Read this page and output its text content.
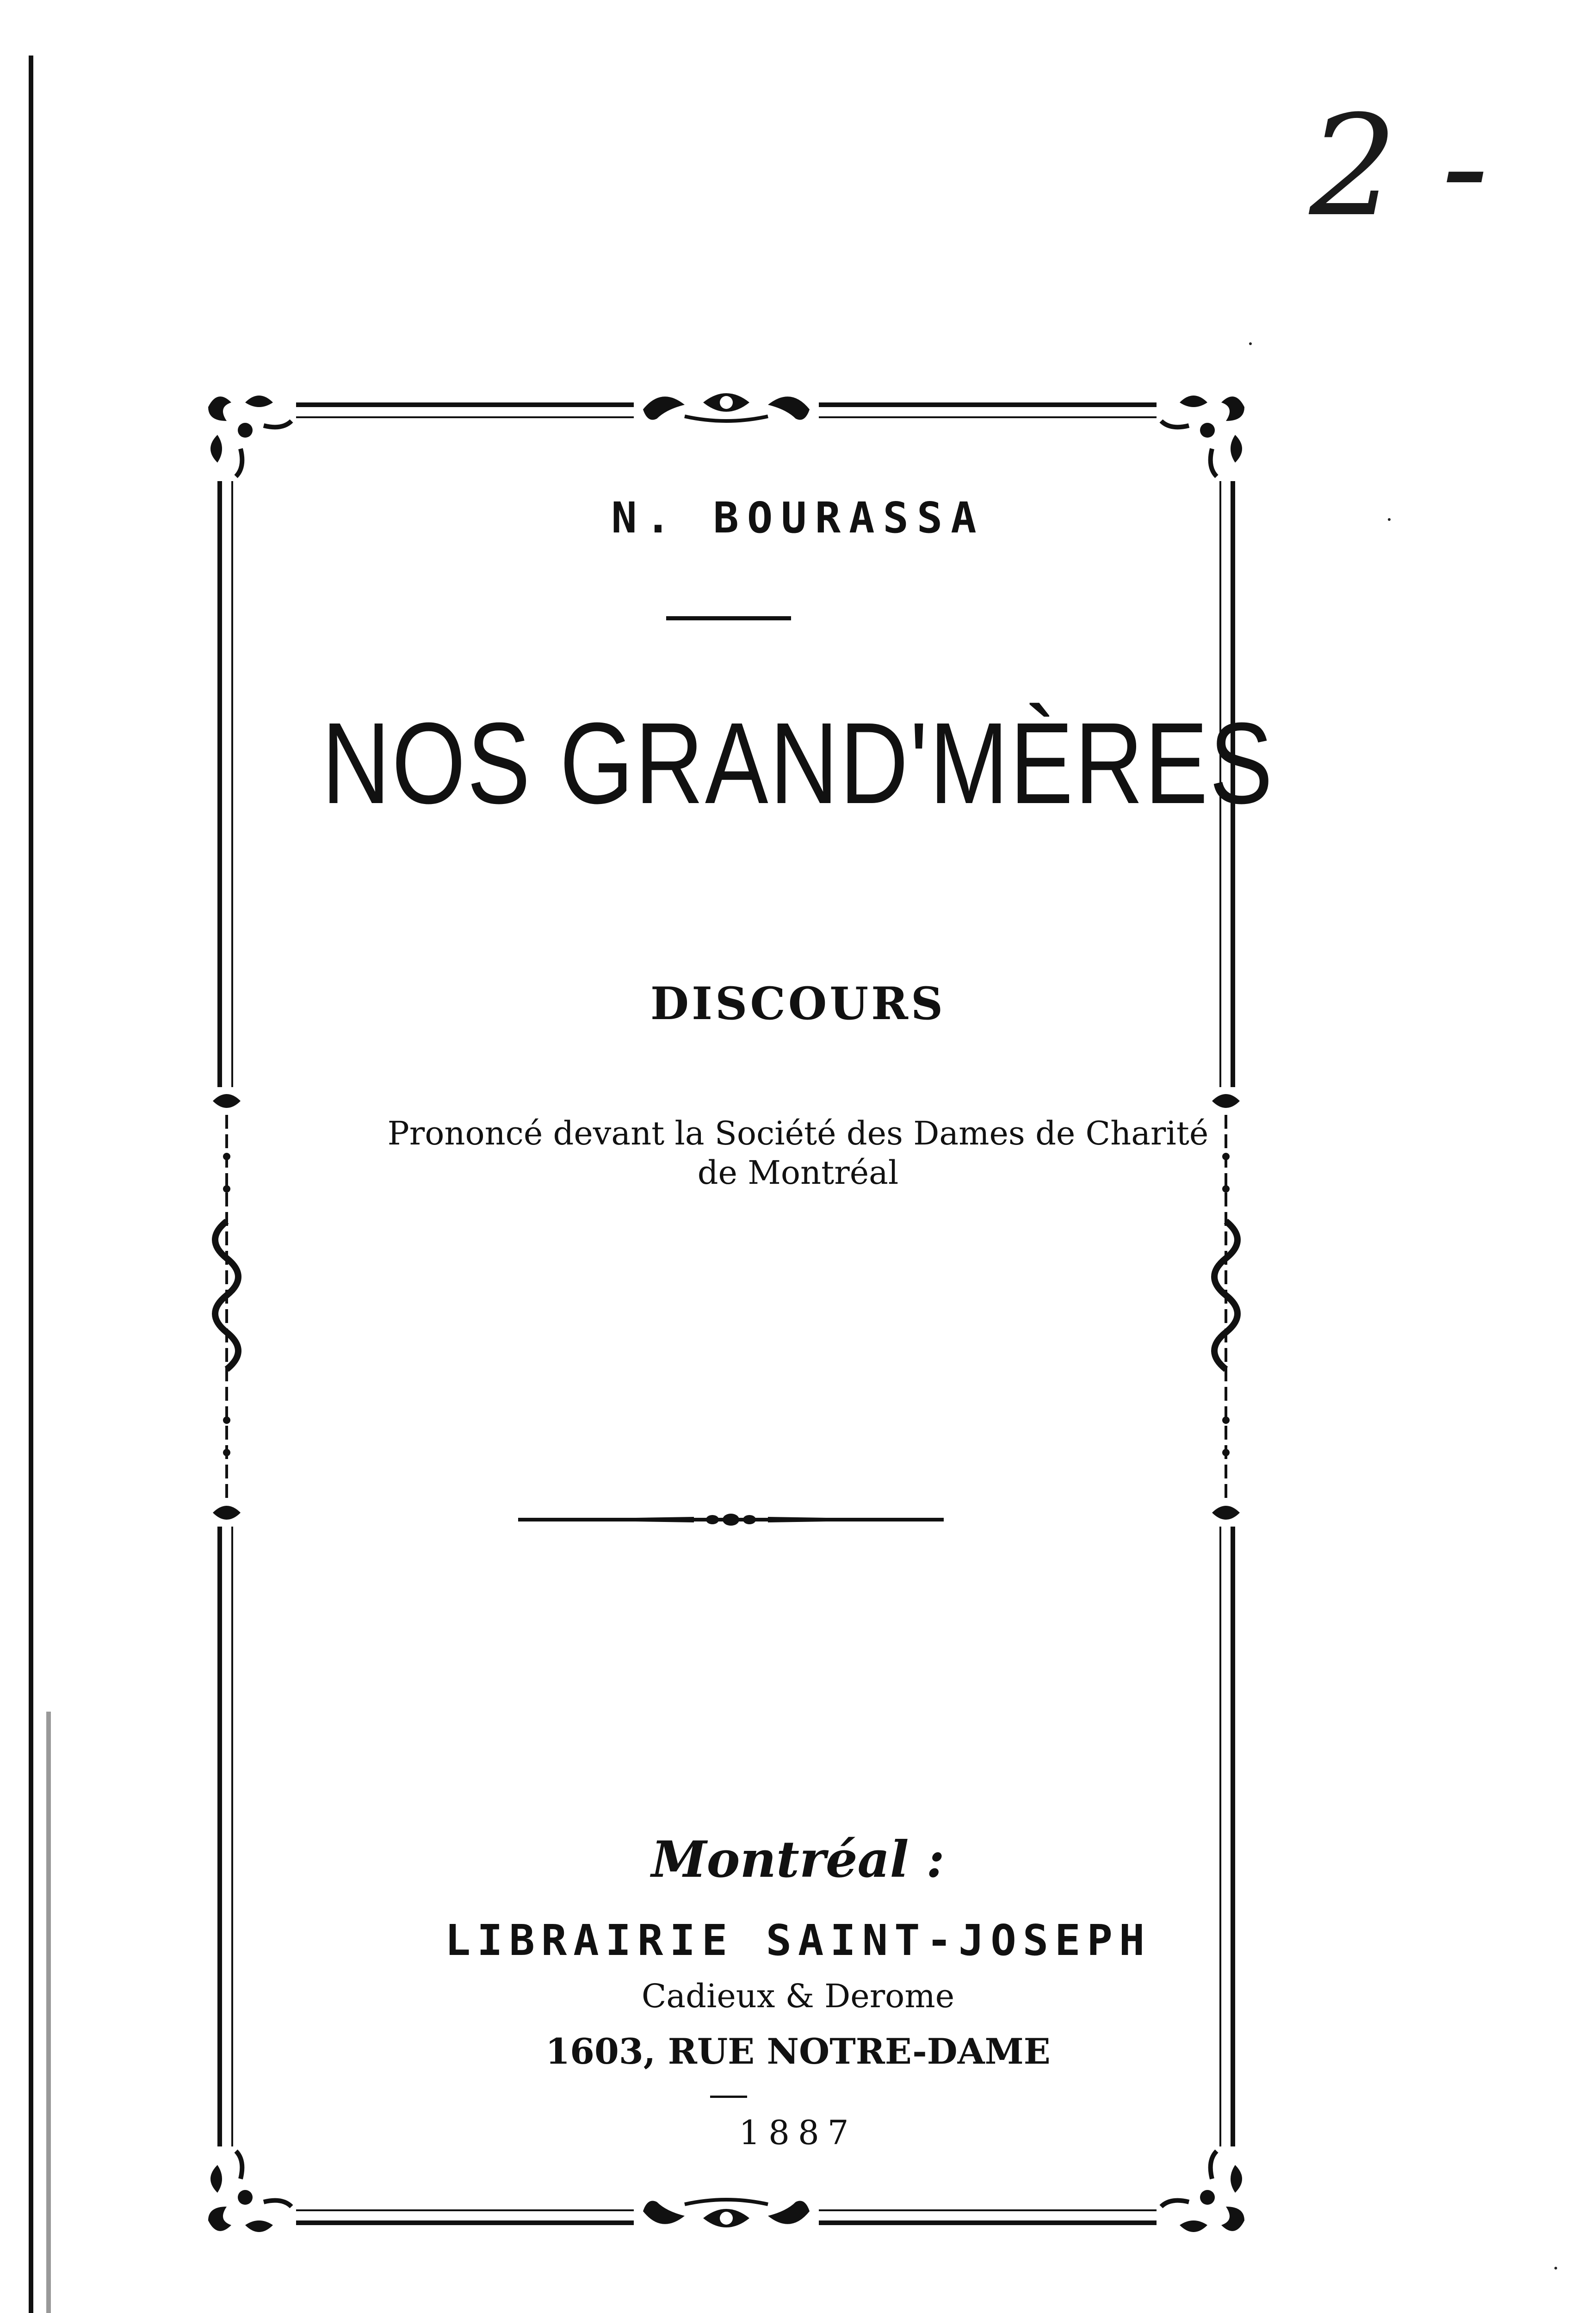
2 -
N. BOURASSA
NOS GRAND'MÈRES
DISCOURS
Prononcé devant la Société des Dames de Charité
de Montréal
Montréal :
LIBRAIRIE SAINT-JOSEPH
Cadieux & Derome
1603, RUE NOTRE-DAME
1887
